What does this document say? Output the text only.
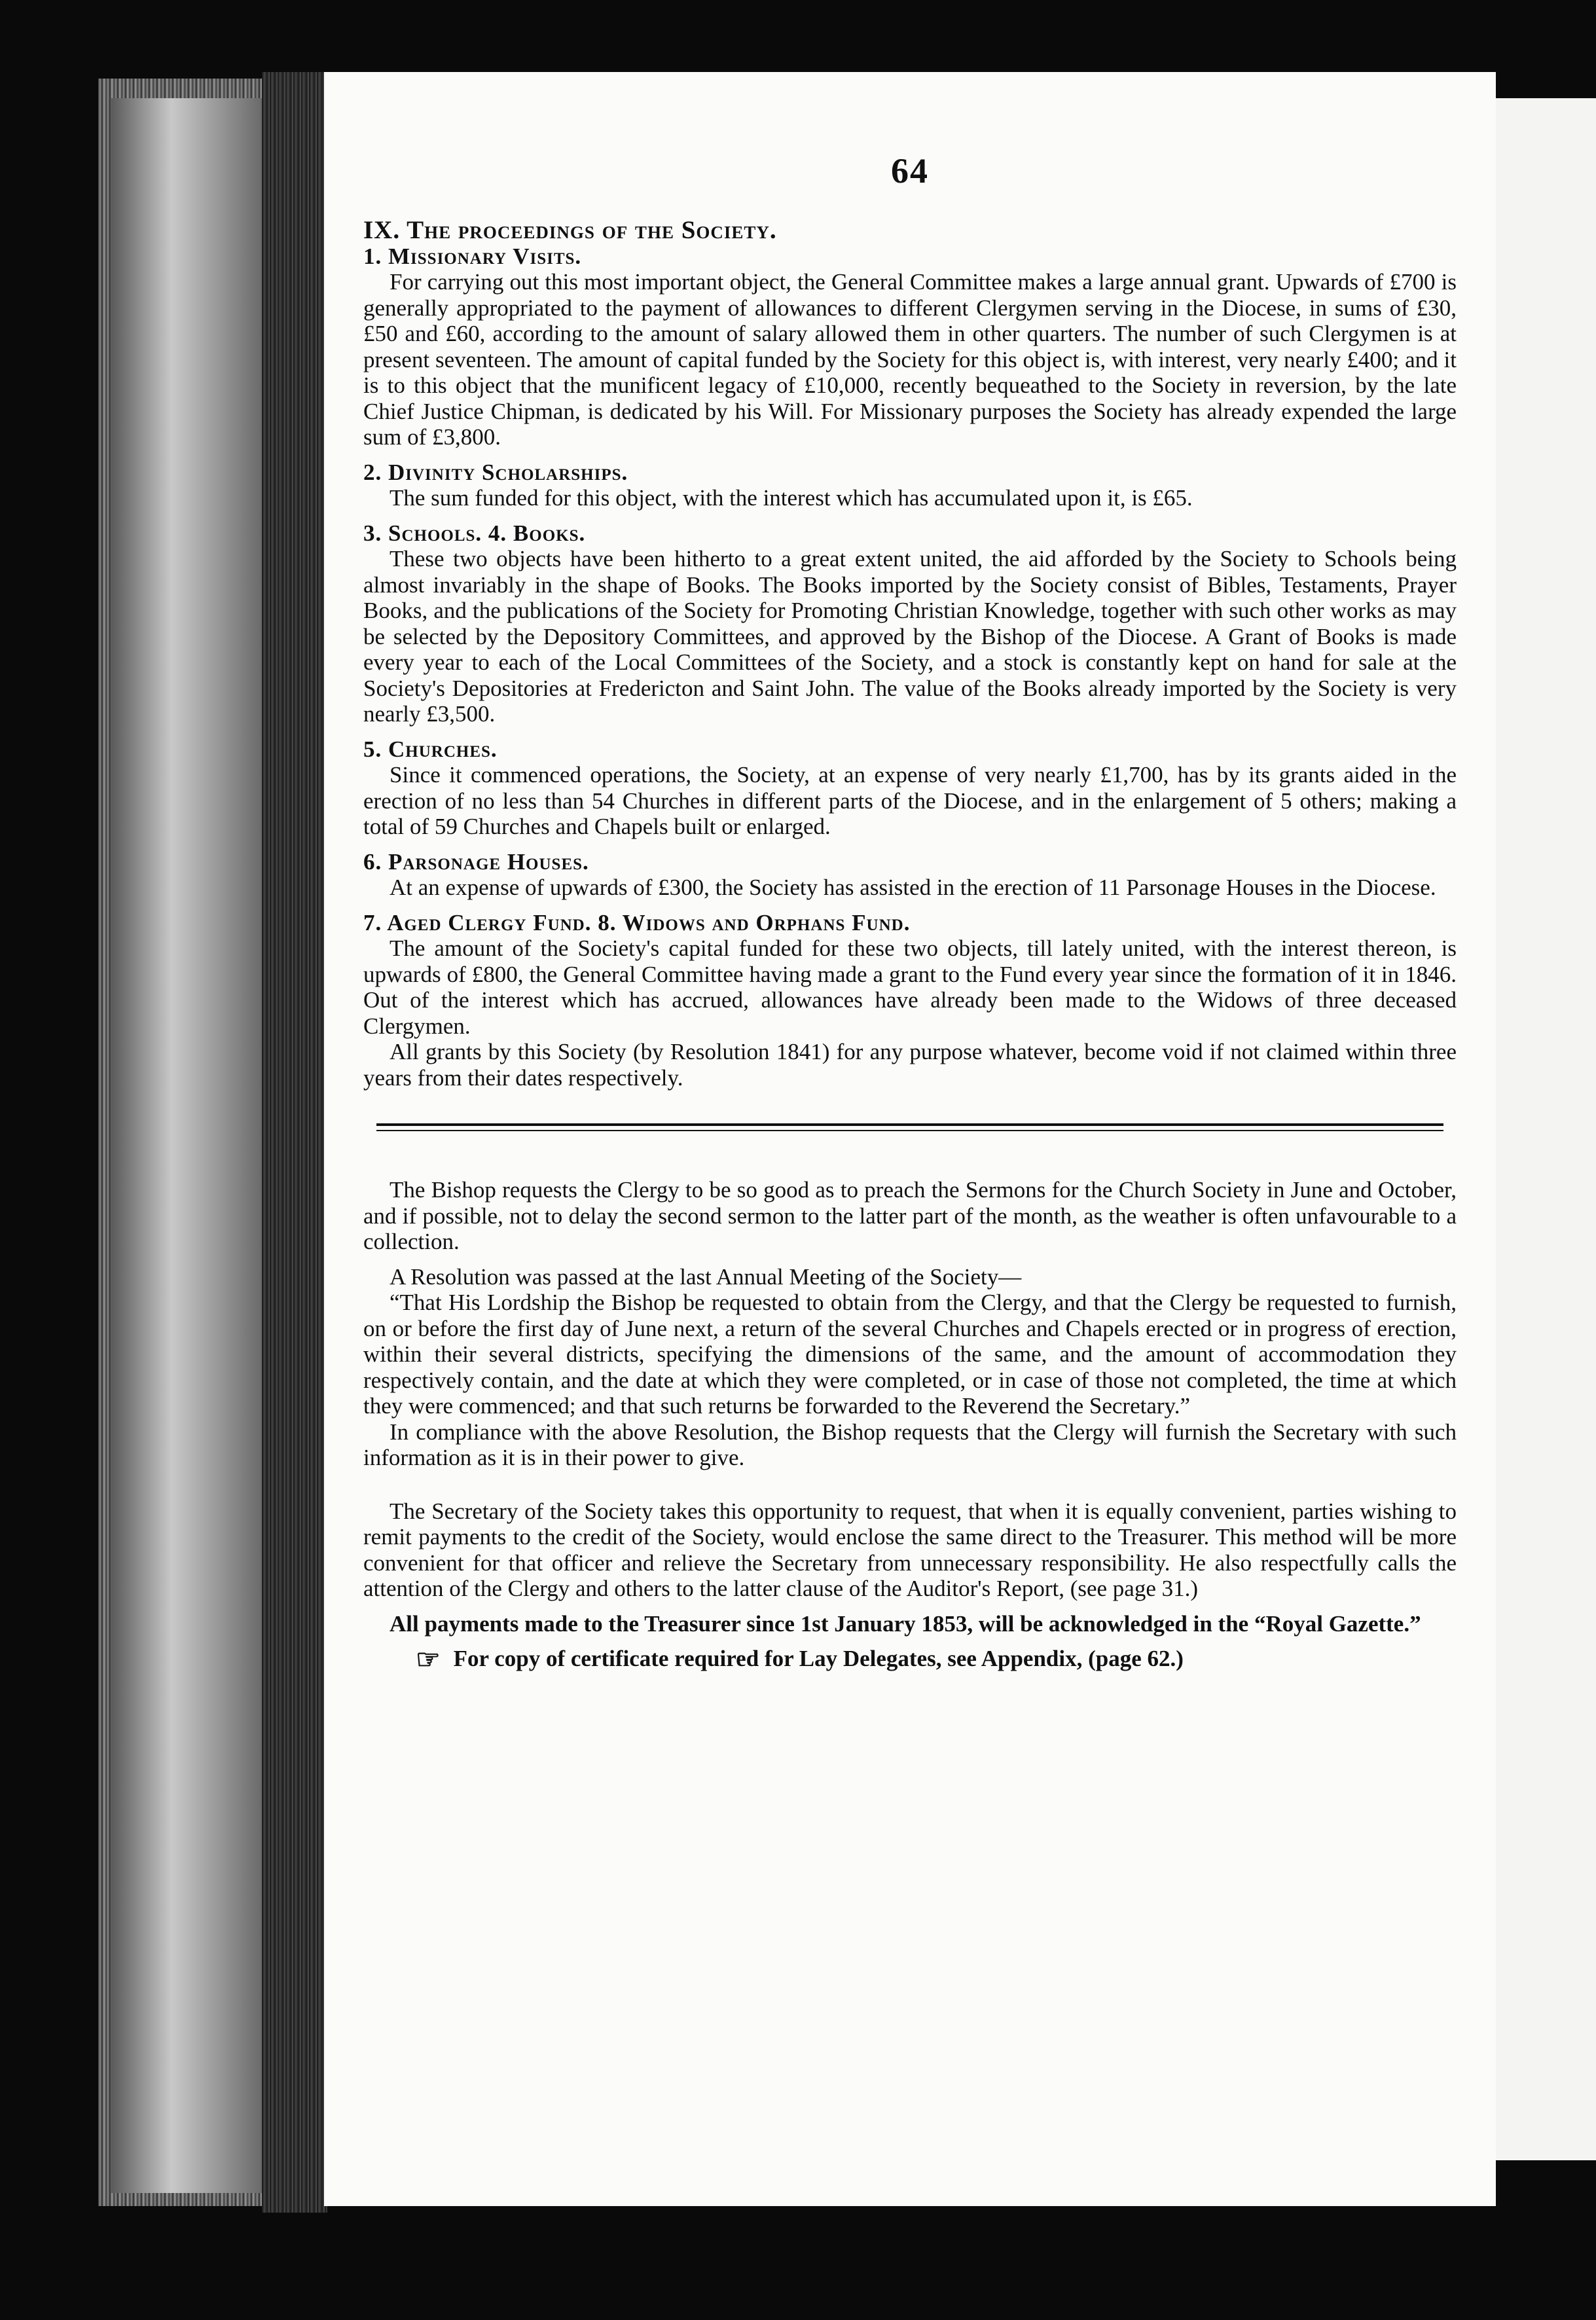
64
IX. The proceedings of the Society.
1. Missionary Visits.

For carrying out this most important object, the General Committee makes a large annual grant. Upwards of £700 is generally appropriated to the payment of allowances to different Clergymen serving in the Diocese, in sums of £30, £50 and £60, according to the amount of salary allowed them in other quarters. The number of such Clergymen is at present seventeen. The amount of capital funded by the Society for this object is, with interest, very nearly £400; and it is to this object that the munificent legacy of £10,000, recently bequeathed to the Society in reversion, by the late Chief Justice Chipman, is dedicated by his Will. For Missionary purposes the Society has already expended the large sum of £3,800.

2. Divinity Scholarships.

The sum funded for this object, with the interest which has accumulated upon it, is £65.

3. Schools. 4. Books.

These two objects have been hitherto to a great extent united, the aid afforded by the Society to Schools being almost invariably in the shape of Books. The Books imported by the Society consist of Bibles, Testaments, Prayer Books, and the publications of the Society for Promoting Christian Knowledge, together with such other works as may be selected by the Depository Committees, and approved by the Bishop of the Diocese. A Grant of Books is made every year to each of the Local Committees of the Society, and a stock is constantly kept on hand for sale at the Society's Depositories at Fredericton and Saint John. The value of the Books already imported by the Society is very nearly £3,500.

5. Churches.

Since it commenced operations, the Society, at an expense of very nearly £1,700, has by its grants aided in the erection of no less than 54 Churches in different parts of the Diocese, and in the enlargement of 5 others; making a total of 59 Churches and Chapels built or enlarged.

6. Parsonage Houses.

At an expense of upwards of £300, the Society has assisted in the erection of 11 Parsonage Houses in the Diocese.

7. Aged Clergy Fund. 8. Widows and Orphans Fund.

The amount of the Society's capital funded for these two objects, till lately united, with the interest thereon, is upwards of £800, the General Committee having made a grant to the Fund every year since the formation of it in 1846. Out of the interest which has accrued, allowances have already been made to the Widows of three deceased Clergymen.

All grants by this Society (by Resolution 1841) for any purpose whatever, become void if not claimed within three years from their dates respectively.

The Bishop requests the Clergy to be so good as to preach the Sermons for the Church Society in June and October, and if possible, not to delay the second sermon to the latter part of the month, as the weather is often unfavourable to a collection.

A Resolution was passed at the last Annual Meeting of the Society—

“That His Lordship the Bishop be requested to obtain from the Clergy, and that the Clergy be requested to furnish, on or before the first day of June next, a return of the several Churches and Chapels erected or in progress of erection, within their several districts, specifying the dimensions of the same, and the amount of accommodation they respectively contain, and the date at which they were completed, or in case of those not completed, the time at which they were commenced; and that such returns be forwarded to the Reverend the Secretary.”

In compliance with the above Resolution, the Bishop requests that the Clergy will furnish the Secretary with such information as it is in their power to give.

The Secretary of the Society takes this opportunity to request, that when it is equally convenient, parties wishing to remit payments to the credit of the Society, would enclose the same direct to the Treasurer. This method will be more convenient for that officer and relieve the Secretary from unnecessary responsibility. He also respectfully calls the attention of the Clergy and others to the latter clause of the Auditor's Report, (see page 31.)

All payments made to the Treasurer since 1st January 1853, will be acknowledged in the “Royal Gazette.”

☞ For copy of certificate required for Lay Delegates, see Appendix, (page 62.)
